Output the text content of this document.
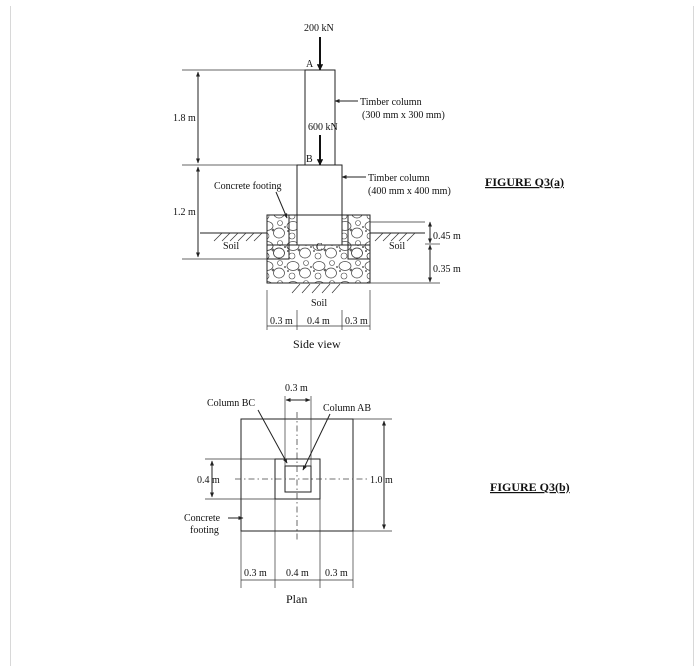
200 kN
A
600 kN
B
Timber column
(300 mm x 300 mm)
Timber column
(400 mm x 400 mm)
Concrete footing
C
Soil	Soil
Soil
1.8 m
1.2 m
0.45 m
0.35 m
0.3 m 0.4 m 0.3 m
Side view
FIGURE Q3(a)
0.3 m
Column BC	Column AB
0.4 m	1.0 m
Concrete
footing
0.3 m 0.4 m 0.3 m
Plan
FIGURE Q3(b)
